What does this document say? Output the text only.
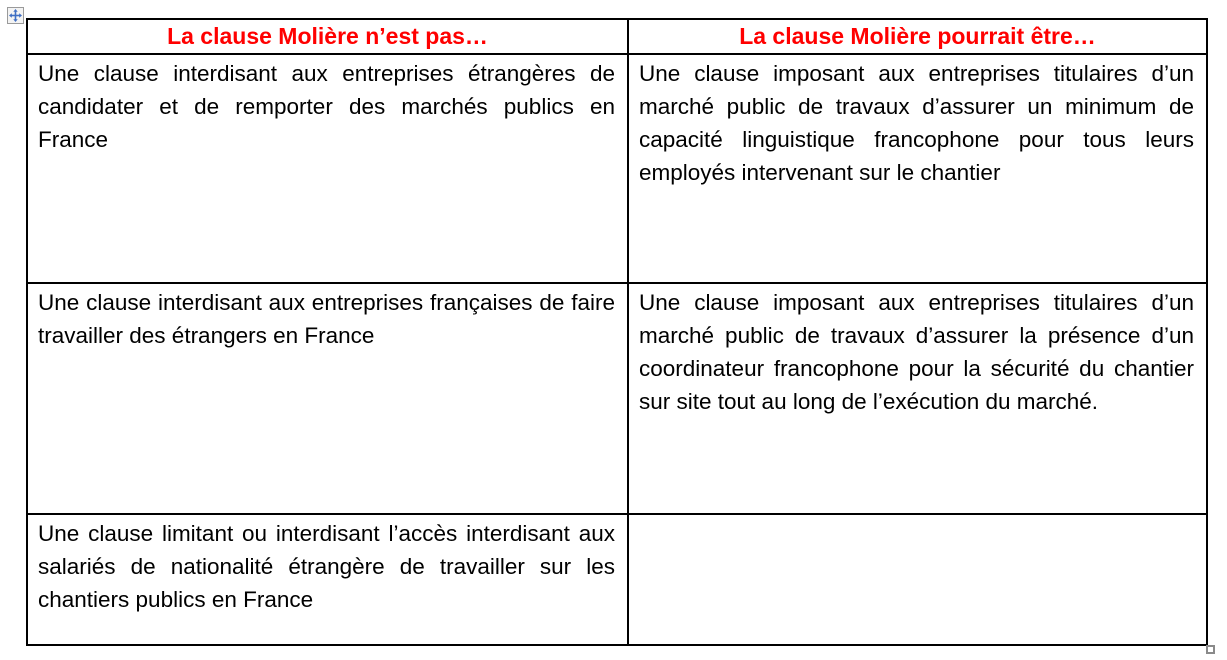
La clause Molière n’est pas…	La clause Molière pourrait être…
Une clause interdisant aux entreprises étrangères de candidater et de remporter des marchés publics en France	Une clause imposant aux entreprises titulaires d’un marché public de travaux d’assurer un minimum de capacité linguistique francophone pour tous leurs employés intervenant sur le chantier
Une clause interdisant aux entreprises françaises de faire travailler des étrangers en France	Une clause imposant aux entreprises titulaires d’un marché public de travaux d’assurer la présence d’un coordinateur francophone pour la sécurité du chantier sur site tout au long de l’exécution du marché.
Une clause limitant ou interdisant l’accès interdisant aux salariés de nationalité étrangère de travailler sur les chantiers publics en France	
